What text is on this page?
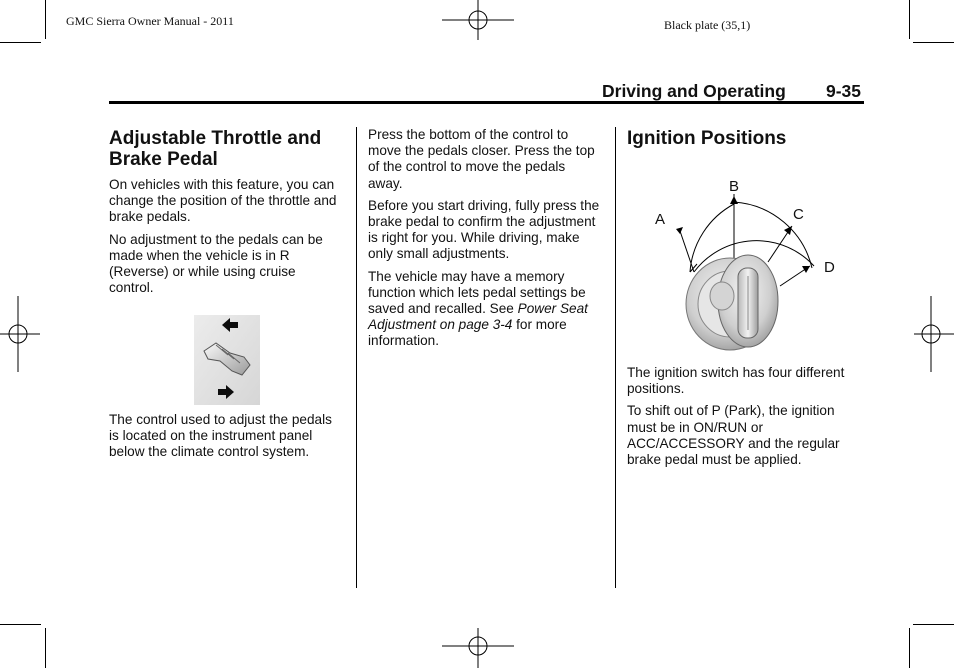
GMC Sierra Owner Manual - 2011	Black plate (35,1)
Driving and Operating 9-35
Adjustable Throttle and
Brake Pedal

On vehicles with this feature, you can change the position of the throttle and brake pedals.

No adjustment to the pedals can be made when the vehicle is in R (Reverse) or while using cruise control.

The control used to adjust the pedals is located on the instrument panel below the climate control system.

Press the bottom of the control to move the pedals closer. Press the top of the control to move the pedals away.

Before you start driving, fully press the brake pedal to confirm the adjustment is right for you. While driving, make only small adjustments.

The vehicle may have a memory function which lets pedal settings be saved and recalled. See Power Seat Adjustment on page 3-4 for more information.

Ignition Positions
A
B
C
D

The ignition switch has four different positions.

To shift out of P (Park), the ignition must be in ON/RUN or ACC/ACCESSORY and the regular brake pedal must be applied.
